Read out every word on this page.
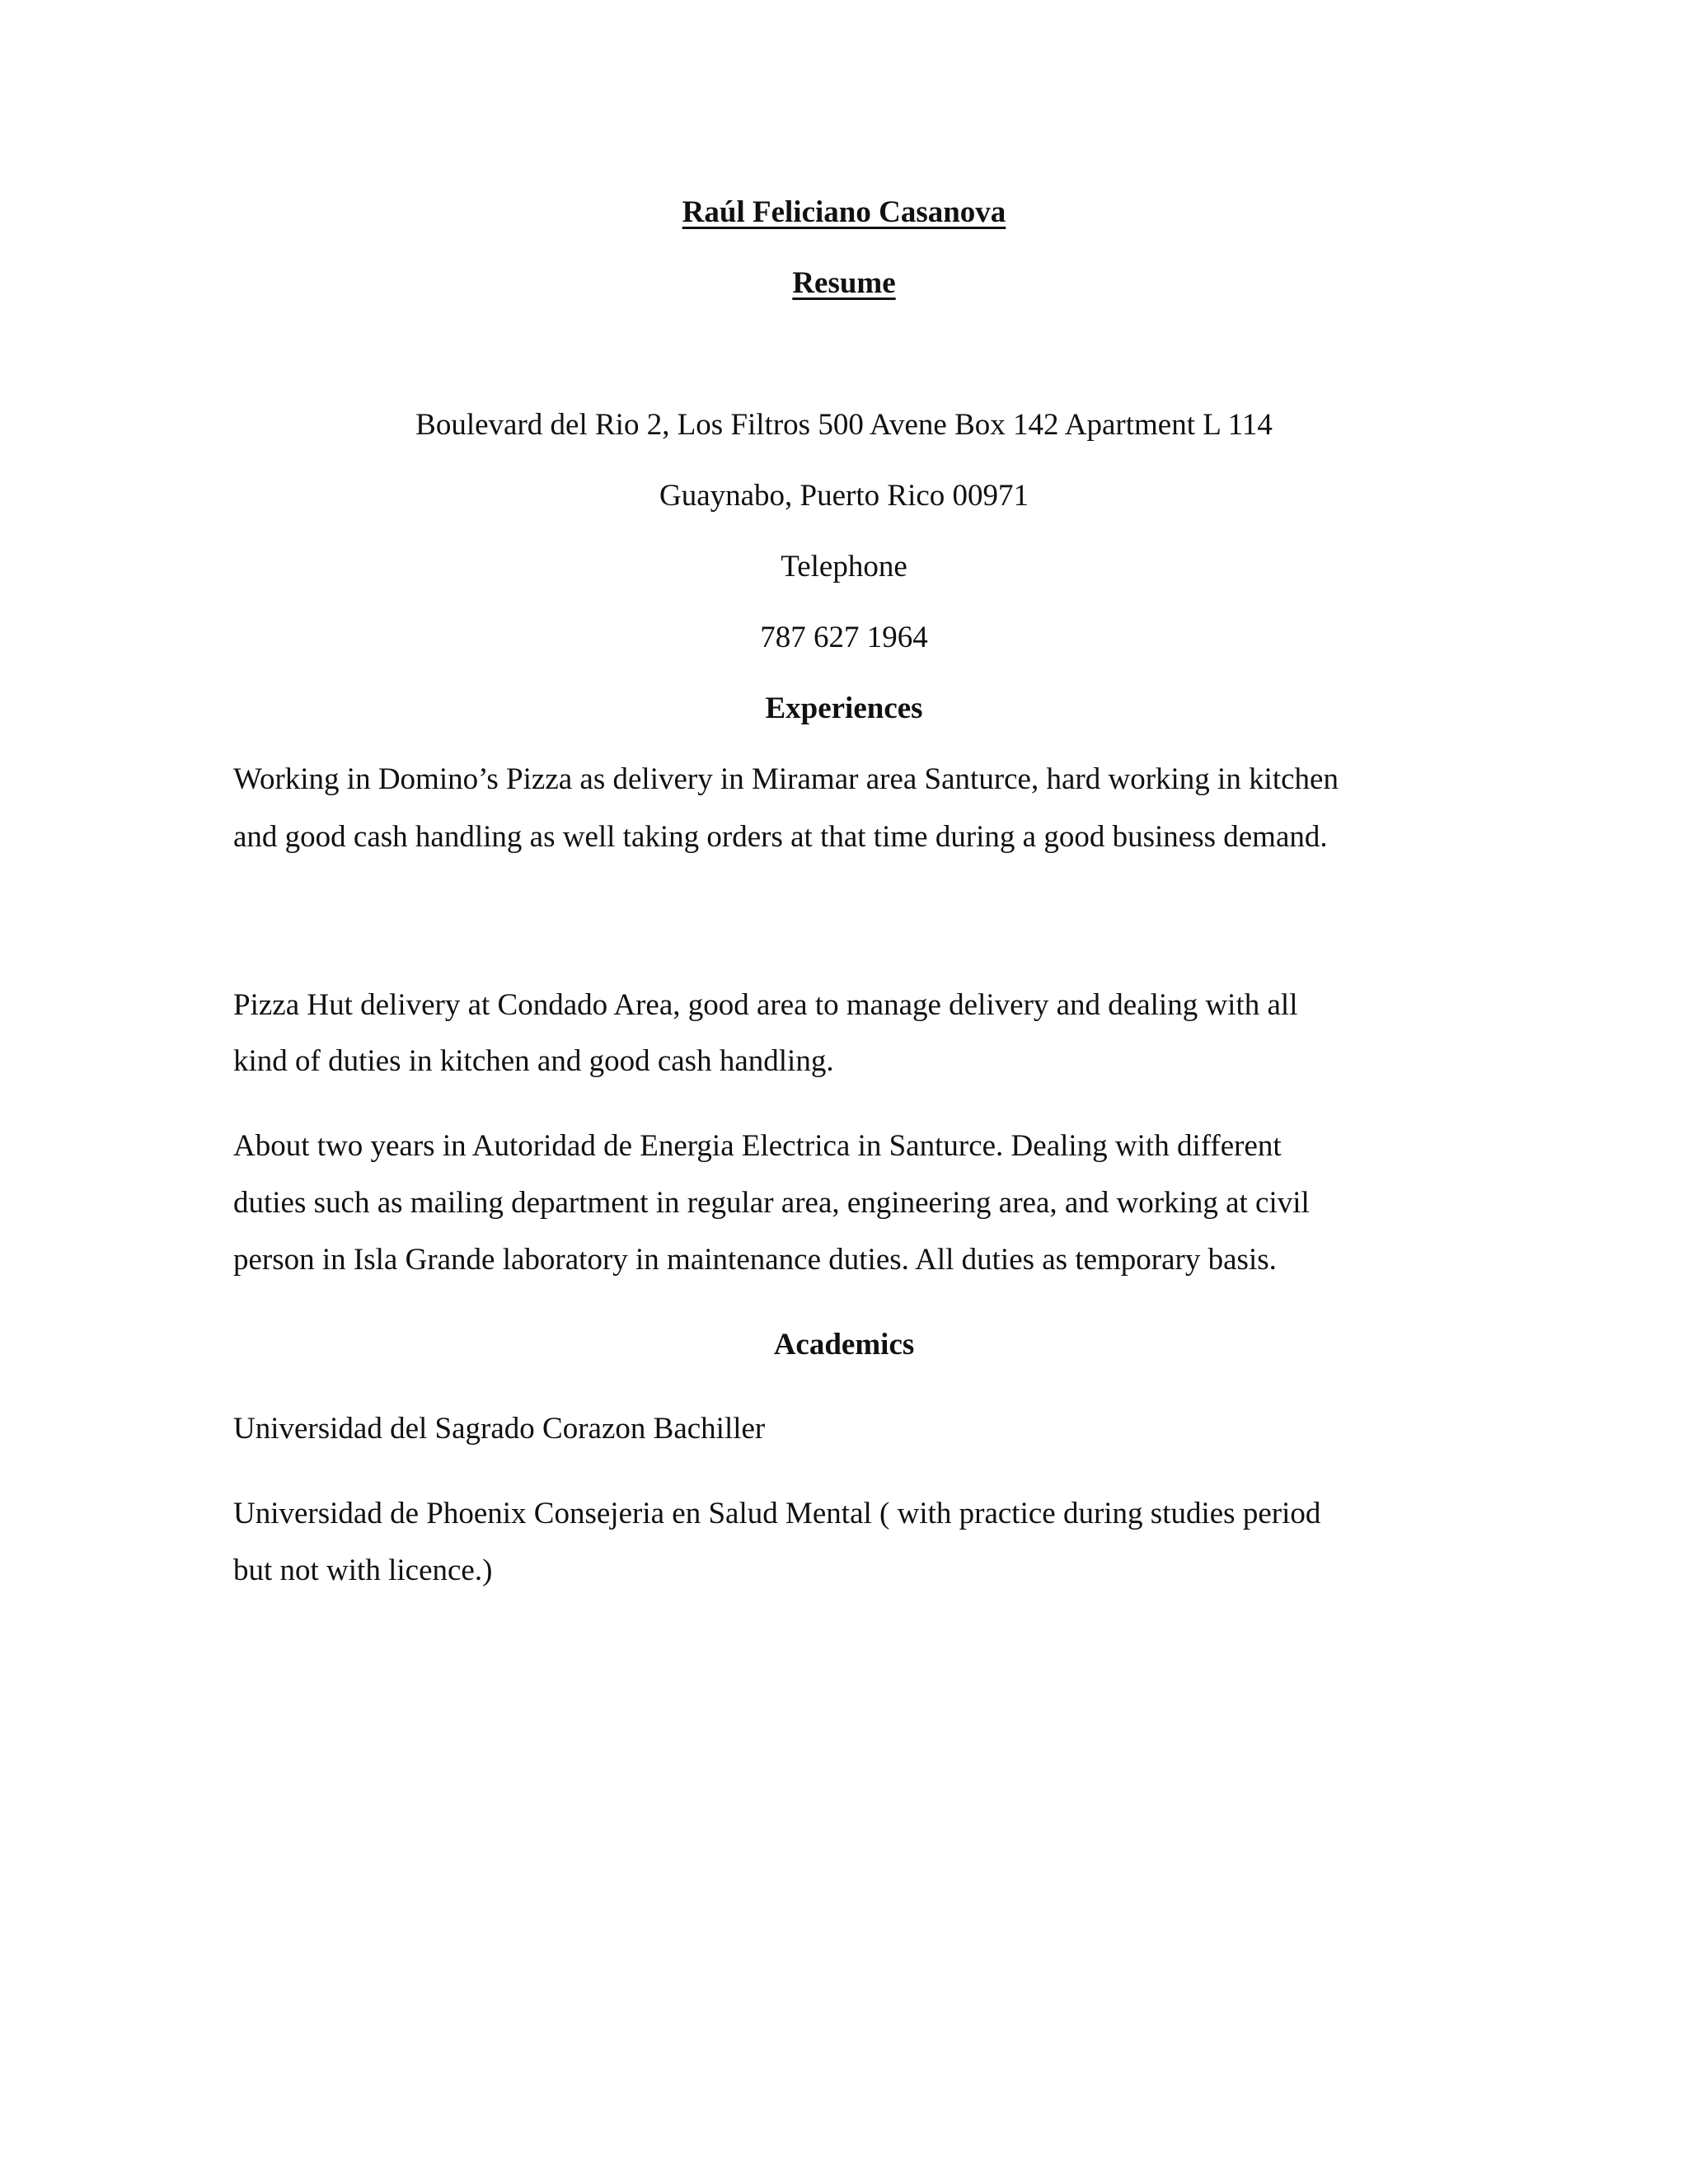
Raúl Feliciano Casanova

Resume

Boulevard del Rio 2, Los Filtros 500 Avene Box 142 Apartment L 114

Guaynabo, Puerto Rico 00971

Telephone

787 627 1964

Experiences

Working in Domino’s Pizza as delivery in Miramar area Santurce, hard working in kitchen

and good cash handling as well taking orders at that time during a good business demand.

Pizza Hut delivery at Condado Area, good area to manage delivery and dealing with all

kind of duties in kitchen and good cash handling.

About two years in Autoridad de Energia Electrica in Santurce. Dealing with different

duties such as mailing department in regular area, engineering area, and working at civil

person in Isla Grande laboratory in maintenance duties. All duties as temporary basis.

Academics

Universidad del Sagrado Corazon Bachiller

Universidad de Phoenix Consejeria en Salud Mental ( with practice during studies period

but not with licence.)
